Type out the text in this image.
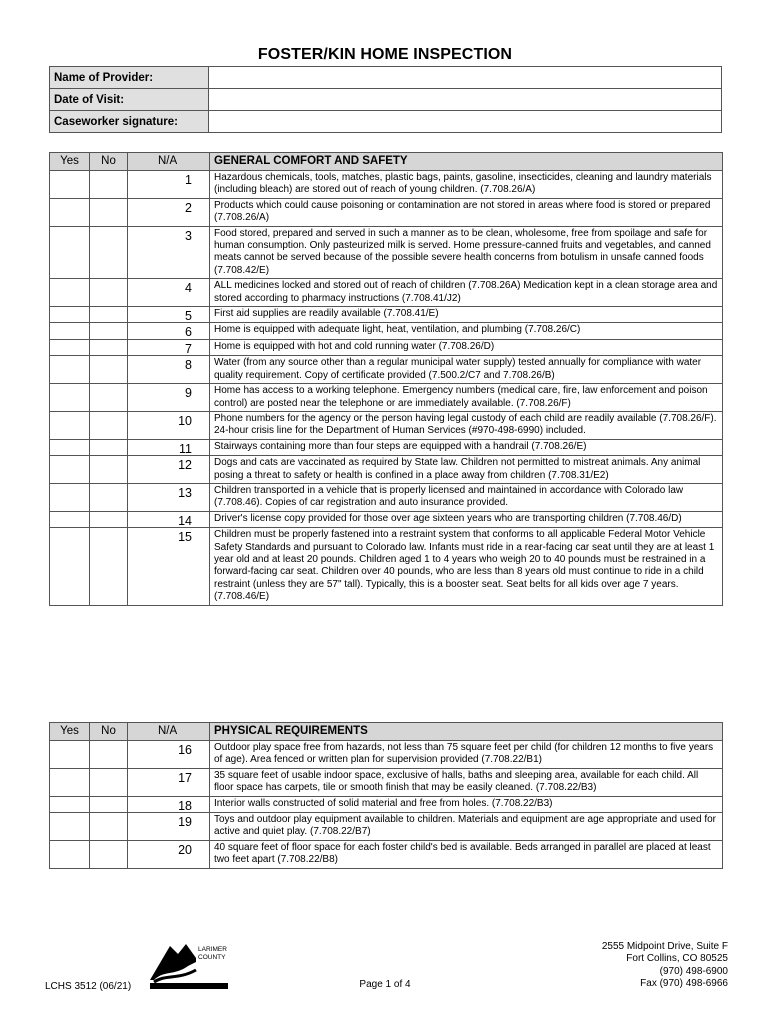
FOSTER/KIN HOME INSPECTION
Name of Provider:	
Date of Visit:	
Caseworker signature:	
Yes	No	N/A	GENERAL COMFORT AND SAFETY
		1	Hazardous chemicals, tools, matches, plastic bags, paints, gasoline, insecticides, cleaning and laundry materials (including bleach) are stored out of reach of young children. (7.708.26/A)
		2	Products which could cause poisoning or contamination are not stored in areas where food is stored or prepared (7.708.26/A)
		3	Food stored, prepared and served in such a manner as to be clean, wholesome, free from spoilage and safe for human consumption. Only pasteurized milk is served. Home pressure-canned fruits and vegetables, and canned meats cannot be served because of the possible severe health concerns from botulism in unsafe canned foods (7.708.42/E)
		4	ALL medicines locked and stored out of reach of children (7.708.26A) Medication kept in a clean storage area and stored according to pharmacy instructions (7.708.41/J2)
		5	First aid supplies are readily available (7.708.41/E)
		6	Home is equipped with adequate light, heat, ventilation, and plumbing (7.708.26/C)
		7	Home is equipped with hot and cold running water (7.708.26/D)
		8	Water (from any source other than a regular municipal water supply) tested annually for compliance with water quality requirement. Copy of certificate provided (7.500.2/C7 and 7.708.26/B)
		9	Home has access to a working telephone. Emergency numbers (medical care, fire, law enforcement and poison control) are posted near the telephone or are immediately available. (7.708.26/F)
		10	Phone numbers for the agency or the person having legal custody of each child are readily available (7.708.26/F). 24-hour crisis line for the Department of Human Services (#970-498-6990) included.
		11	Stairways containing more than four steps are equipped with a handrail (7.708.26/E)
		12	Dogs and cats are vaccinated as required by State law. Children not permitted to mistreat animals. Any animal posing a threat to safety or health is confined in a place away from children (7.708.31/E2)
		13	Children transported in a vehicle that is properly licensed and maintained in accordance with Colorado law (7.708.46). Copies of car registration and auto insurance provided.
		14	Driver's license copy provided for those over age sixteen years who are transporting children (7.708.46/D)
		15	Children must be properly fastened into a restraint system that conforms to all applicable Federal Motor Vehicle Safety Standards and pursuant to Colorado law. Infants must ride in a rear-facing car seat until they are at least 1 year old and at least 20 pounds. Children aged 1 to 4 years who weigh 20 to 40 pounds must be restrained in a forward-facing car seat. Children over 40 pounds, who are less than 8 years old must continue to ride in a child restraint (unless they are 57" tall). Typically, this is a booster seat. Seat belts for all kids over age 7 years. (7.708.46/E)
Yes	No	N/A	PHYSICAL REQUIREMENTS
		16	Outdoor play space free from hazards, not less than 75 square feet per child (for children 12 months to five years of age). Area fenced or written plan for supervision provided (7.708.22/B1)
		17	35 square feet of usable indoor space, exclusive of halls, baths and sleeping area, available for each child. All floor space has carpets, tile or smooth finish that may be easily cleaned. (7.708.22/B3)
		18	Interior walls constructed of solid material and free from holes. (7.708.22/B3)
		19	Toys and outdoor play equipment available to children. Materials and equipment are age appropriate and used for active and quiet play. (7.708.22/B7)
		20	40 square feet of floor space for each foster child's bed is available. Beds arranged in parallel are placed at least two feet apart (7.708.22/B8)
LARIMER
COUNTY
LCHS 3512 (06/21)	Page 1 of 4
2555 Midpoint Drive, Suite F
Fort Collins, CO 80525
(970) 498-6900
Fax (970) 498-6966
